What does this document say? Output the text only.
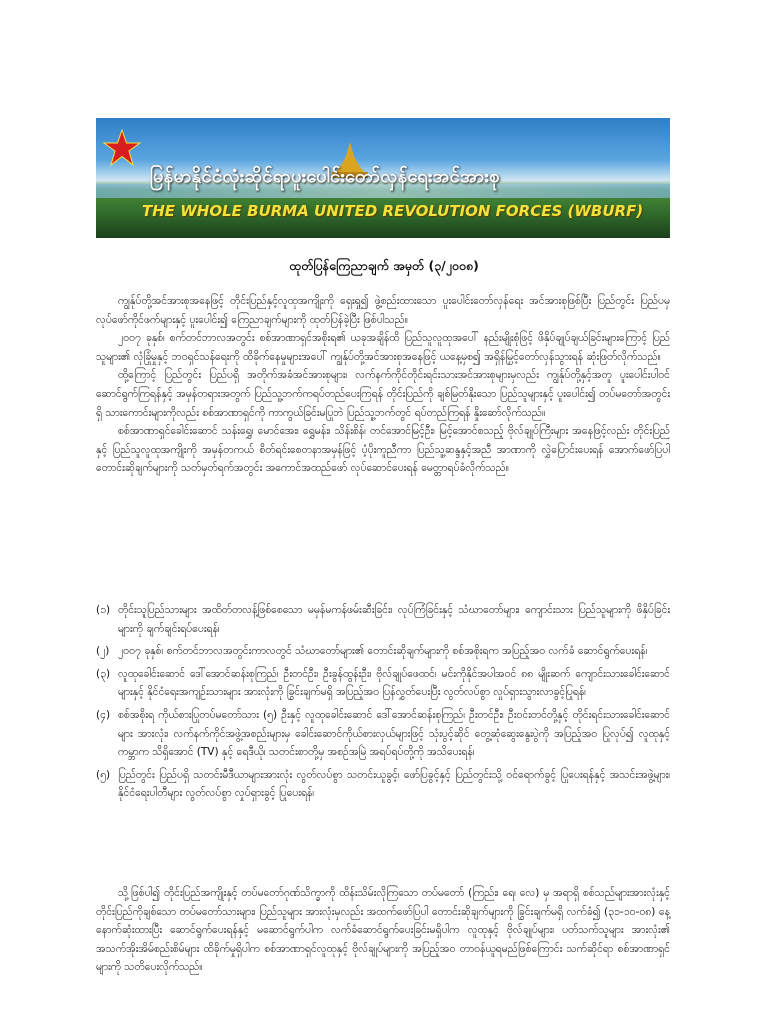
မြန်မာနိုင်ငံလုံးဆိုင်ရာပူးပေါင်းတော်လှန်ရေးအင်အားစု
THE WHOLE BURMA UNITED REVOLUTION FORCES (WBURF)
ထုတ်ပြန်ကြေညာချက် အမှတ် (၃/၂၀၀၈)

ကျွန်ုပ်တို့အင်အားစုအနေဖြင့် တိုင်းပြည်နှင့်လူထုအကျိုးကို ရှေးရှု၍ ဖွဲ့စည်းထားသော ပူးပေါင်းတော်လှန်ရေး အင်အားစုဖြစ်ပြီး ပြည်တွင်း ပြည်ပမှ လုပ်ဖော်ကိုင်ဖက်များနှင့် ပူးပေါင်း၍ ကြေညာချက်များကို ထုတ်ပြန်ခဲ့ပြီး ဖြစ်ပါသည်။

၂၀၀၇ ခုနှစ်၊ စက်တင်ဘာလအတွင်း စစ်အာဏာရှင်အစိုးရ၏ ယခုအချိန်ထိ ပြည်သူလူထုအပေါ် နည်းမျိုးစုံဖြင့် ဖိနှိပ်ချုပ်ချယ်ခြင်းများကြောင့် ပြည်သူများ၏ လုံခြုံမှုနှင့် ဘဝရှင်သန်ရေးကို ထိခိုက်နေမှုများအပေါ် ကျွန်ုပ်တို့အင်အားစုအနေဖြင့် ယနေ့မှစ၍ အရှိန်မြှင့်တော်လှန်သွားရန် ဆုံးဖြတ်လိုက်သည်။

ထို့ကြောင့် ပြည်တွင်း ပြည်ပရှိ အတိုက်အခံအင်အားစုများ၊ လက်နက်ကိုင်တိုင်းရင်းသားအင်အားစုများမှလည်း ကျွန်ုပ်တို့နှင့်အတူ ပူးပေါင်းပါဝင်ဆောင်ရွက်ကြရန်နှင့် အမှန်တရားအတွက် ပြည်သူ့ဘက်ကရပ်တည်ပေးကြရန် တိုင်းပြည်ကို ချစ်မြတ်နိုးသော ပြည်သူများနှင့် ပူးပေါင်း၍ တပ်မတော်အတွင်းရှိ သားကောင်းများကိုလည်း စစ်အာဏာရှင်ကို ကာကွယ်ခြင်းမပြုဘဲ ပြည်သူ့ဘက်တွင် ရပ်တည်ကြရန် နှိုးဆော်လိုက်သည်။

စစ်အာဏာရှင်ခေါင်းဆောင် သန်းရွှေ၊ မောင်အေး၊ ရွှေမန်း၊ သိန်းစိန်၊ တင်အောင်မြင့်ဦး၊ မြင့်အောင်စသည့် ဗိုလ်ချုပ်ကြီးများ အနေဖြင့်လည်း တိုင်းပြည်နှင့် ပြည်သူလူထုအကျိုးကို အမှန်တကယ် စိတ်ရင်းစေတနာအမှန်ဖြင့် ပံ့ပိုးကူညီကာ ပြည်သူ့ဆန္ဒနှင့်အညီ အာဏာကို လွှဲပြောင်းပေးရန် အောက်ဖော်ပြပါ တောင်းဆိုချက်များကို သတ်မှတ်ရက်အတွင်း အကောင်အထည်ဖော် လုပ်ဆောင်ပေးရန် မေတ္တာရပ်ခံလိုက်သည်။

(၁) တိုင်းသူပြည်သားများ အထိတ်တလန့်ဖြစ်စေသော မမှန်မကန်ဖမ်းဆီးခြင်း၊ လုပ်ကြံခြင်းနှင့် သံဃာတော်များ၊ ကျောင်းသား ပြည်သူများကို ဖိနှိပ်ခြင်းများကို ချက်ချင်းရပ်ပေးရန်၊
(၂) ၂၀၀၇ ခုနှစ်၊ စက်တင်ဘာလအတွင်းကာလတွင် သံဃာတော်များ၏ တောင်းဆိုချက်များကို စစ်အစိုးရက အပြည့်အဝ လက်ခံ ဆောင်ရွက်ပေးရန်၊
(၃) လူထုခေါင်းဆောင် ဒေါ်အောင်ဆန်းစုကြည်၊ ဦးတင်ဦး၊ ဦးခွန်ထွန်းဦး၊ ဗိုလ်ချုပ်ဖေထင်၊ မင်းကိုနိုင်အပါအဝင် ၈၈ မျိုးဆက် ကျောင်းသားခေါင်းဆောင်များနှင့် နိုင်ငံရေးအကျဉ်းသားများ အားလုံးကို ခြွင်းချက်မရှိ အပြည့်အဝ ပြန်လွှတ်ပေးပြီး လွတ်လပ်စွာ လှုပ်ရှားသွားလာခွင့်ပြုရန်၊
(၄) စစ်အစိုးရ ကိုယ်စားပြုတပ်မတော်သား (၅) ဦးနှင့် လူထုခေါင်းဆောင် ဒေါ်အောင်ဆန်းစုကြည်၊ ဦးတင်ဦး၊ ဦးဝင်းတင်တို့နှင့် တိုင်းရင်းသားခေါင်းဆောင်များ အားလုံး၊ လက်နက်ကိုင်အဖွဲ့အစည်းများမှ ခေါင်းဆောင်ကိုယ်စားလှယ်များဖြင့် သုံးပွင့်ဆိုင် တွေ့ဆုံဆွေးနွေးပွဲကို အပြည့်အဝ ပြုလုပ်၍ လူထုနှင့်ကမ္ဘာက သိရှိအောင် (TV) နှင့် ရေဒီယို၊ သတင်းစာတို့မှ အစဉ်အမြဲ အရပ်ရပ်တို့ကို အသိပေးရန်၊
(၅) ပြည်တွင်း ပြည်ပရှိ သတင်းမီဒီယာများအားလုံး လွတ်လပ်စွာ သတင်းယူခွင့်၊ ဖော်ပြခွင့်နှင့် ပြည်တွင်းသို့ ဝင်ရောက်ခွင့် ပြုပေးရန်နှင့် အသင်းအဖွဲ့များ၊ နိုင်ငံရေးပါတီများ လွတ်လပ်စွာ လှုပ်ရှားခွင့် ပြုပေးရန်၊

သို့ဖြစ်ပါ၍ တိုင်းပြည်အကျိုးနှင့် တပ်မတော်ဂုဏ်သိက္ခာကို ထိန်းသိမ်းလိုကြသော တပ်မတော် (ကြည်း၊ ရေ၊ လေ) မှ အရာရှိ စစ်သည်များအားလုံးနှင့် တိုင်းပြည်ကိုချစ်သော တပ်မတော်သားများ၊ ပြည်သူများ အားလုံးမှလည်း အထက်ဖော်ပြပါ တောင်းဆိုချက်များကို ခြွင်းချက်မရှိ လက်ခံ၍ (၃၁-၁၀-၀၈) နေ့ နောက်ဆုံးထားပြီး ဆောင်ရွက်ပေးရန်နှင့် မဆောင်ရွက်ပါက လက်ခံဆောင်ရွက်ပေးခြင်းမရှိပါက လူထုနှင့် ဗိုလ်ချုပ်များ၊ ပတ်သက်သူများ အားလုံး၏ အသက်အိုးအိမ်စည်းစိမ်များ ထိခိုက်မှုရှိပါက စစ်အာဏာရှင်လူထုနှင့် ဗိုလ်ချုပ်များကို အပြည့်အဝ တာဝန်ယူရမည်ဖြစ်ကြောင်း သက်ဆိုင်ရာ စစ်အာဏာရှင် များကို သတိပေးလိုက်သည်။
